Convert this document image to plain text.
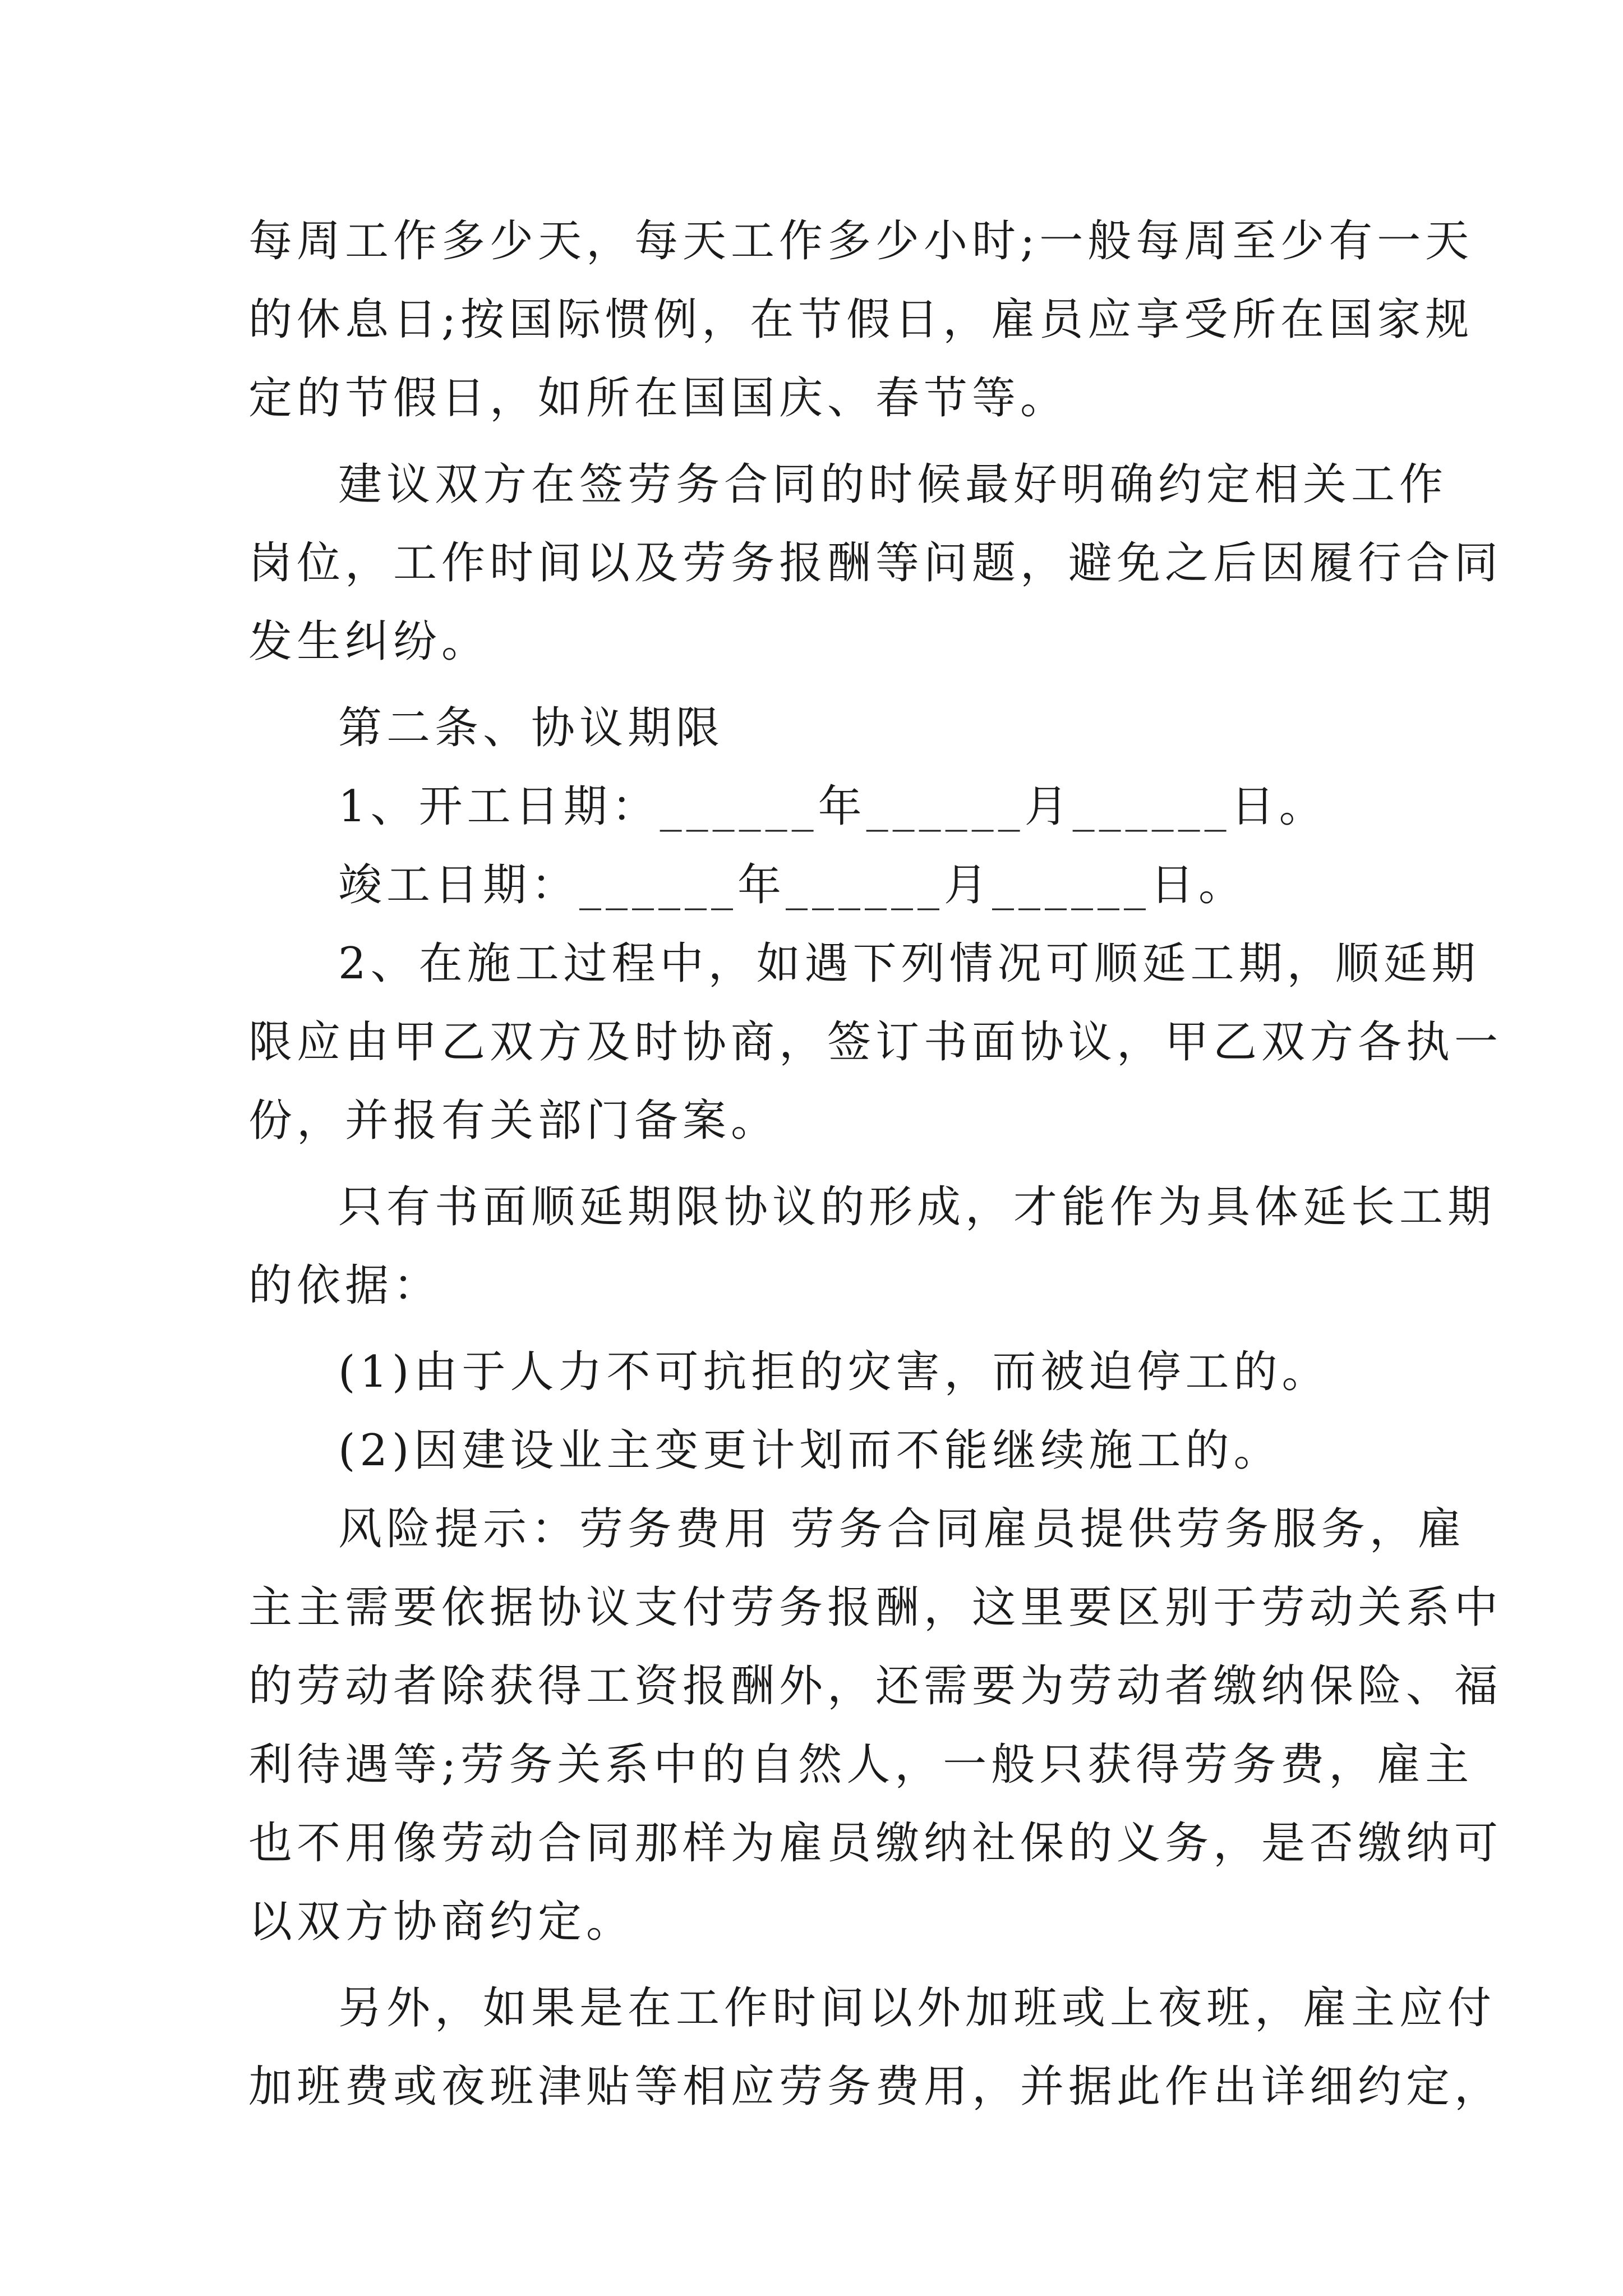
每周工作多少天，每天工作多少小时;一般每周至少有一天
的休息日;按国际惯例，在节假日，雇员应享受所在国家规
定的节假日，如所在国国庆、春节等。
建议双方在签劳务合同的时候最好明确约定相关工作
岗位，工作时间以及劳务报酬等问题，避免之后因履行合同
发生纠纷。
第二条、协议期限
1、开工日期：______年______月______日。
竣工日期：______年______月______日。
2、在施工过程中，如遇下列情况可顺延工期，顺延期
限应由甲乙双方及时协商，签订书面协议，甲乙双方各执一
份，并报有关部门备案。
只有书面顺延期限协议的形成，才能作为具体延长工期
的依据：
(1)由于人力不可抗拒的灾害，而被迫停工的。
(2)因建设业主变更计划而不能继续施工的。
风险提示：劳务费用 劳务合同雇员提供劳务服务，雇
主主需要依据协议支付劳务报酬，这里要区别于劳动关系中
的劳动者除获得工资报酬外，还需要为劳动者缴纳保险、福
利待遇等;劳务关系中的自然人，一般只获得劳务费，雇主
也不用像劳动合同那样为雇员缴纳社保的义务，是否缴纳可
以双方协商约定。
另外，如果是在工作时间以外加班或上夜班，雇主应付
加班费或夜班津贴等相应劳务费用，并据此作出详细约定，
